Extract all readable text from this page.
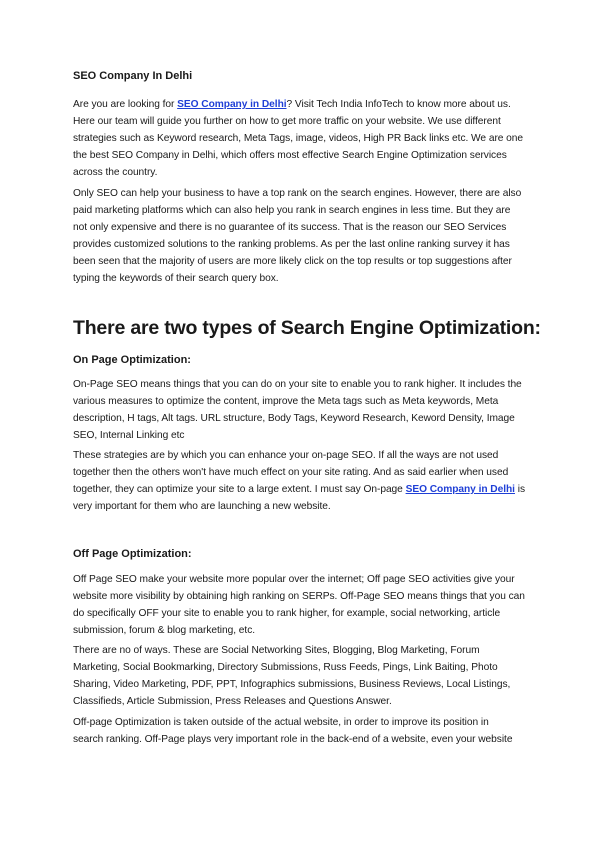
SEO Company In Delhi

Are you are looking for SEO Company in Delhi? Visit Tech India InfoTech to know more about us.
Here our team will guide you further on how to get more traffic on your website. We use different
strategies such as Keyword research, Meta Tags, image, videos, High PR Back links etc. We are one
the best SEO Company in Delhi, which offers most effective Search Engine Optimization services
across the country.

Only SEO can help your business to have a top rank on the search engines. However, there are also
paid marketing platforms which can also help you rank in search engines in less time. But they are
not only expensive and there is no guarantee of its success. That is the reason our SEO Services
provides customized solutions to the ranking problems. As per the last online ranking survey it has
been seen that the majority of users are more likely click on the top results or top suggestions after
typing the keywords of their search query box.

There are two types of Search Engine Optimization:
On Page Optimization:

On-Page SEO means things that you can do on your site to enable you to rank higher. It includes the
various measures to optimize the content, improve the Meta tags such as Meta keywords, Meta
description, H tags, Alt tags. URL structure, Body Tags, Keyword Research, Keword Density, Image
SEO, Internal Linking etc

These strategies are by which you can enhance your on-page SEO. If all the ways are not used
together then the others won't have much effect on your site rating. And as said earlier when used
together, they can optimize your site to a large extent. I must say On-page SEO Company in Delhi is
very important for them who are launching a new website.

Off Page Optimization:

Off Page SEO make your website more popular over the internet; Off page SEO activities give your
website more visibility by obtaining high ranking on SERPs. Off-Page SEO means things that you can
do specifically OFF your site to enable you to rank higher, for example, social networking, article
submission, forum & blog marketing, etc.

There are no of ways. These are Social Networking Sites, Blogging, Blog Marketing, Forum
Marketing, Social Bookmarking, Directory Submissions, Russ Feeds, Pings, Link Baiting, Photo
Sharing, Video Marketing, PDF, PPT, Infographics submissions, Business Reviews, Local Listings,
Classifieds, Article Submission, Press Releases and Questions Answer.

Off-page Optimization is taken outside of the actual website, in order to improve its position in
search ranking. Off-Page plays very important role in the back-end of a website, even your website
